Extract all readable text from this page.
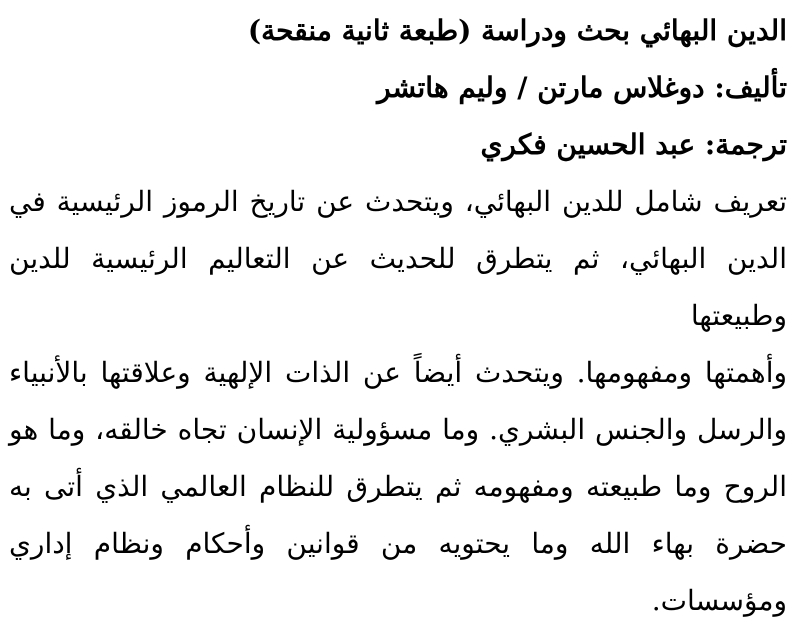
الدين البهائي بحث ودراسة (طبعة ثانية منقحة)
تأليف: دوغلاس مارتن / وليم هاتشر
ترجمة: عبد الحسين فكري
تعريف شامل للدين البهائي، ويتحدث عن تاريخ الرموز الرئيسية في
الدين البهائي، ثم يتطرق للحديث عن التعاليم الرئيسية للدين وطبيعتها
وأهمتها ومفهومها. ويتحدث أيضاً عن الذات الإلهية وعلاقتها بالأنبياء
والرسل والجنس البشري. وما مسؤولية الإنسان تجاه خالقه، وما هو
الروح وما طبيعته ومفهومه ثم يتطرق للنظام العالمي الذي أتى به
حضرة بهاء الله وما يحتويه من قوانين وأحكام ونظام إداري ومؤسسات.
